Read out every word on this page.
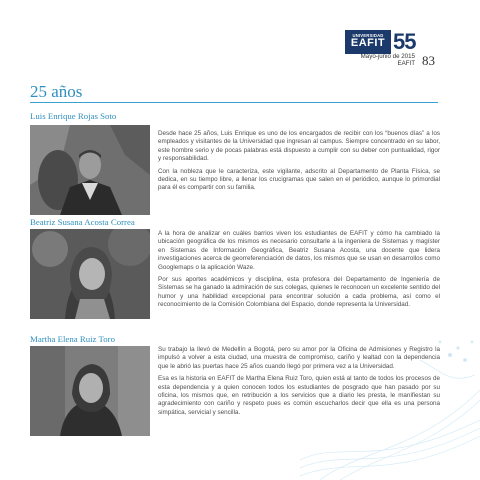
UNIVERSIDAD
EAFIT 55
Mayo-junio de 2015
EAFIT 83
25 años
Luis Enrique Rojas Soto

Desde hace 25 años, Luis Enrique es uno de los encargados de recibir con los “buenos días” a los empleados y visitantes de la Universidad que ingresan al campus. Siempre concentrado en su labor, este hombre serio y de pocas palabras está dispuesto a cumplir con su deber con puntualidad, rigor y responsabilidad.

Con la nobleza que le caracteriza, este vigilante, adscrito al Departamento de Planta Física, se dedica, en su tiempo libre, a llenar los crucigramas que salen en el periódico, aunque lo primordial para él es compartir con su familia.

Beatriz Susana Acosta Correa

A la hora de analizar en cuáles barrios viven los estudiantes de EAFIT y cómo ha cambiado la ubicación geográfica de los mismos es necesario consultarle a la ingeniera de Sistemas y magíster en Sistemas de Información Geográfica, Beatriz Susana Acosta, una docente que lidera investigaciones acerca de georreferenciación de datos, los mismos que se usan en desarrollos como Googlemaps o la aplicación Waze.

Por sus aportes académicos y disciplina, esta profesora del Departamento de Ingeniería de Sistemas se ha ganado la admiración de sus colegas, quienes le reconocen un excelente sentido del humor y una habilidad excepcional para encontrar solución a cada problema, así como el reconocimiento de la Comisión Colombiana del Espacio, donde representa la Universidad.

Martha Elena Ruiz Toro

Su trabajo la llevó de Medellín a Bogotá, pero su amor por la Oficina de Admisiones y Registro la impulsó a volver a esta ciudad, una muestra de compromiso, cariño y lealtad con la dependencia que le abrió las puertas hace 25 años cuando llegó por primera vez a la Universidad.

Esa es la historia en EAFIT de Martha Elena Ruiz Toro, quien está al tanto de todos los procesos de esta dependencia y a quien conocen todos los estudiantes de posgrado que han pasado por su oficina, los mismos que, en retribución a los servicios que a diario les presta, le manifiestan su agradecimiento con cariño y respeto pues es común escucharlos decir que ella es una persona simpática, servicial y sencilla.
